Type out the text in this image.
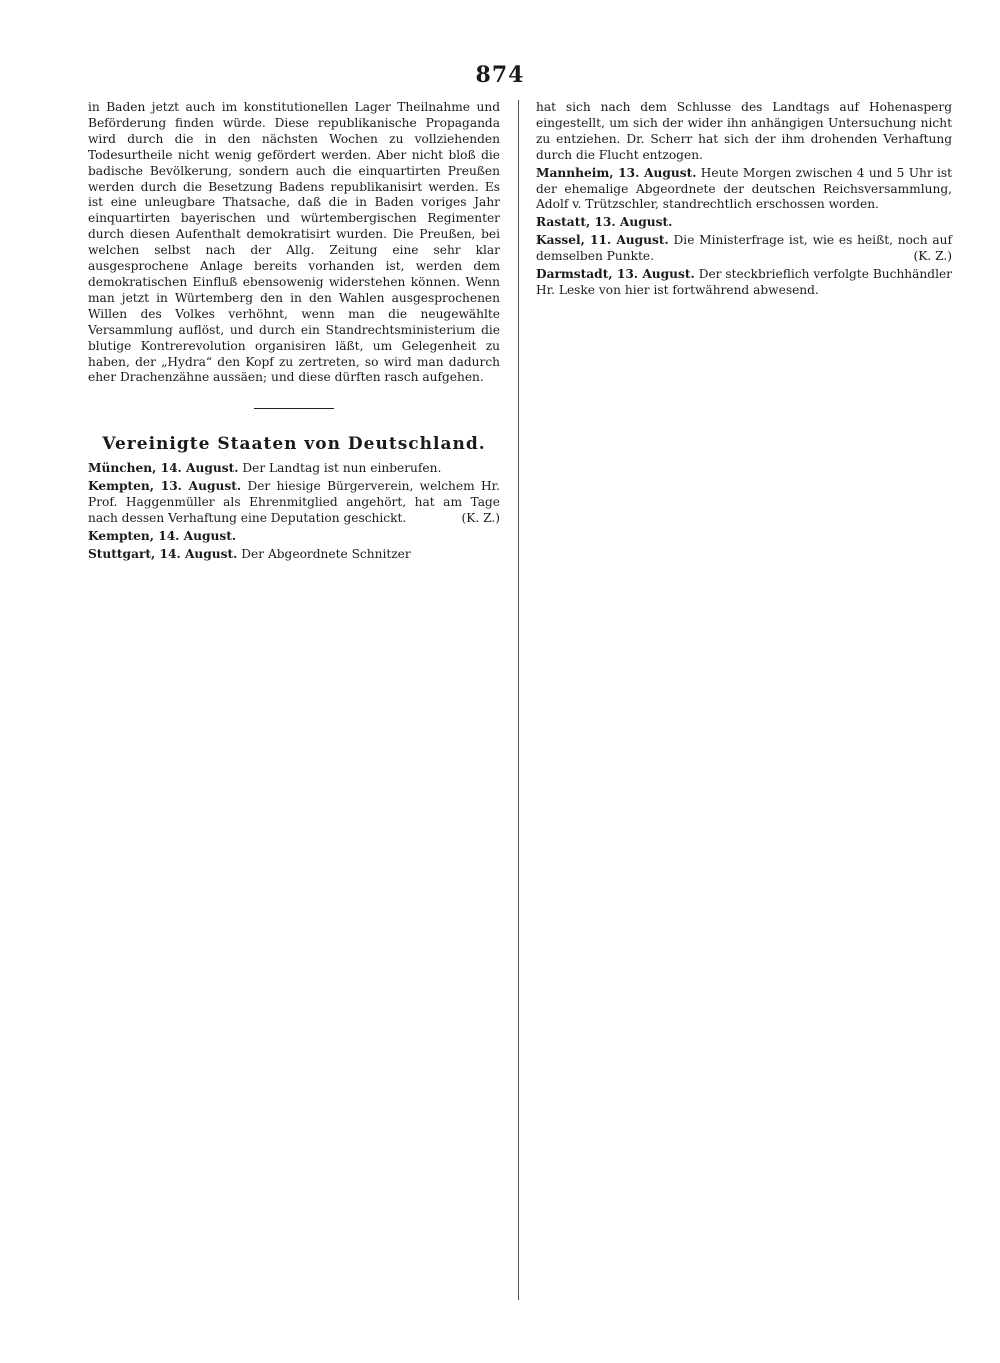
874

in Baden jetzt auch im konstitutionellen Lager Theilnahme und Beförderung finden würde. Diese republikanische Propaganda wird durch die in den nächsten Wochen zu vollziehenden Todesurtheile nicht wenig gefördert werden. Aber nicht bloß die badische Bevölkerung, sondern auch die einquartirten Preußen werden durch die Besetzung Badens republikanisirt werden. Es ist eine unleugbare Thatsache, daß die in Baden voriges Jahr einquartirten bayerischen und würtembergischen Regimenter durch diesen Aufenthalt demokratisirt wurden. Die Preußen, bei welchen selbst nach der Allg. Zeitung eine sehr klar ausgesprochene Anlage bereits vorhanden ist, werden dem demokratischen Einfluß ebensowenig widerstehen können. Wenn man jetzt in Würtemberg den in den Wahlen ausgesprochenen Willen des Volkes verhöhnt, wenn man die neugewählte Versammlung auflöst, und durch ein Standrechtsministerium die blutige Kontrerevolution organisiren läßt, um Gelegenheit zu haben, der „Hydra“ den Kopf zu zertreten, so wird man dadurch eher Drachenzähne aussäen; und diese dürften rasch aufgehen.

Vereinigte Staaten von Deutschland.
München, 14. August. Der Landtag ist nun einberufen.
Kempten, 13. August. Der hiesige Bürgerverein, welchem Hr. Prof. Haggenmüller als Ehrenmitglied angehört, hat am Tage nach dessen Verhaftung eine Deputation geschickt.	(K. Z.)
Kempten, 14. August.
Stuttgart, 14. August. Der Abgeordnete Schnitzer
hat sich nach dem Schlusse des Landtags auf Hohenasperg eingestellt, um sich der wider ihn anhängigen Untersuchung nicht zu entziehen. Dr. Scherr hat sich der ihm drohenden Verhaftung durch die Flucht entzogen.
Mannheim, 13. August. Heute Morgen zwischen 4 und 5 Uhr ist der ehemalige Abgeordnete der deutschen Reichsversammlung, Adolf v. Trützschler, standrechtlich erschossen worden.
Rastatt, 13. August.
Kassel, 11. August. Die Ministerfrage ist, wie es heißt, noch auf demselben Punkte.	(K. Z.)
Darmstadt, 13. August. Der steckbrieflich verfolgte Buchhändler Hr. Leske von hier ist fortwährend abwesend.
